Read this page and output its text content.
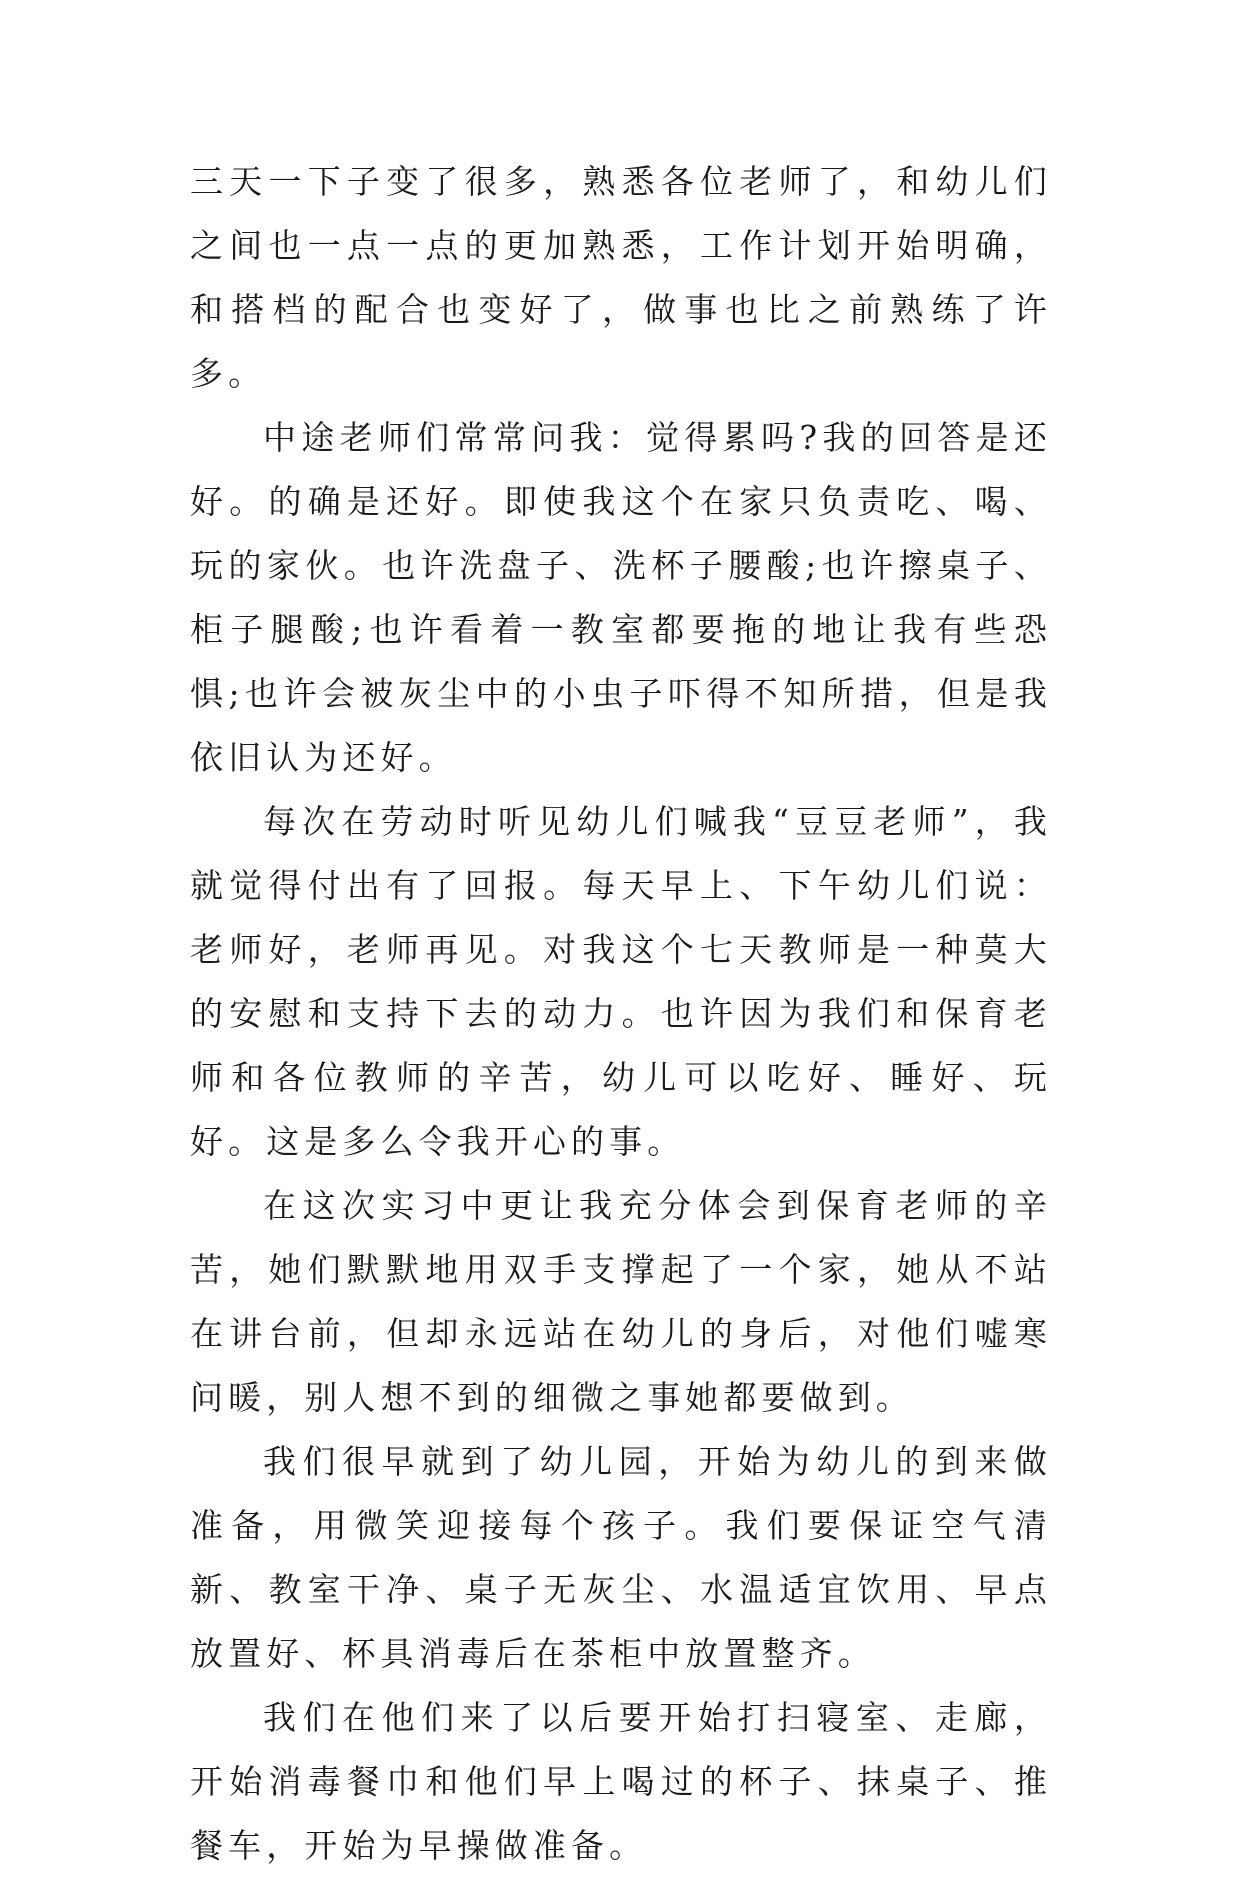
三天一下子变了很多，熟悉各位老师了，和幼儿们之间也一点一点的更加熟悉，工作计划开始明确，和搭档的配合也变好了，做事也比之前熟练了许多。

中途老师们常常问我：觉得累吗?我的回答是还好。的确是还好。即使我这个在家只负责吃、喝、玩的家伙。也许洗盘子、洗杯子腰酸;也许擦桌子、柜子腿酸;也许看着一教室都要拖的地让我有些恐惧;也许会被灰尘中的小虫子吓得不知所措，但是我依旧认为还好。

每次在劳动时听见幼儿们喊我“豆豆老师”，我就觉得付出有了回报。每天早上、下午幼儿们说：老师好，老师再见。对我这个七天教师是一种莫大的安慰和支持下去的动力。也许因为我们和保育老师和各位教师的辛苦，幼儿可以吃好、睡好、玩好。这是多么令我开心的事。

在这次实习中更让我充分体会到保育老师的辛苦，她们默默地用双手支撑起了一个家，她从不站在讲台前，但却永远站在幼儿的身后，对他们嘘寒问暖，别人想不到的细微之事她都要做到。

我们很早就到了幼儿园，开始为幼儿的到来做准备，用微笑迎接每个孩子。我们要保证空气清新、教室干净、桌子无灰尘、水温适宜饮用、早点放置好、杯具消毒后在茶柜中放置整齐。

我们在他们来了以后要开始打扫寝室、走廊，开始消毒餐巾和他们早上喝过的杯子、抹桌子、推餐车，开始为早操做准备。
